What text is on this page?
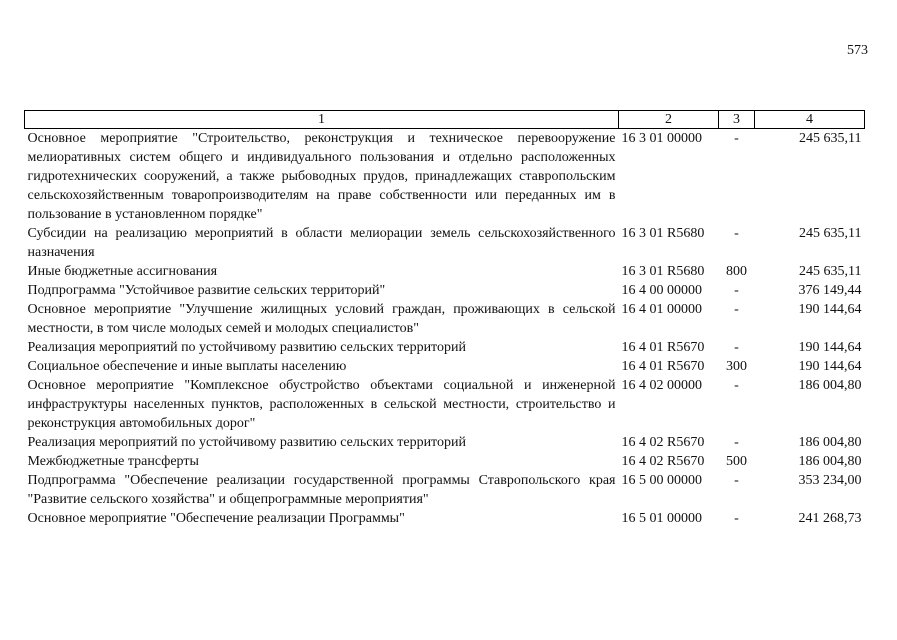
573
1	2	3	4
Основное мероприятие "Строительство, реконструкция и техническое перевооружение мелиоративных систем общего и индивидуального пользования и отдельно расположенных гидротехнических сооружений, а также рыбоводных прудов, принадлежащих ставропольским сельскохозяйственным товаропроизводителям на праве собственности или переданных им в пользование в установленном порядке"	16 3 01 00000	-	245 635,11
Субсидии на реализацию мероприятий в области мелиорации земель сельскохозяйственного назначения	16 3 01 R5680	-	245 635,11
Иные бюджетные ассигнования	16 3 01 R5680	800	245 635,11
Подпрограмма "Устойчивое развитие сельских территорий"	16 4 00 00000	-	376 149,44
Основное мероприятие "Улучшение жилищных условий граждан, проживающих в сельской местности, в том числе молодых семей и молодых специалистов"	16 4 01 00000	-	190 144,64
Реализация мероприятий по устойчивому развитию сельских территорий	16 4 01 R5670	-	190 144,64
Социальное обеспечение и иные выплаты населению	16 4 01 R5670	300	190 144,64
Основное мероприятие "Комплексное обустройство объектами социальной и инженерной инфраструктуры населенных пунктов, расположенных в сельской местности, строительство и реконструкция автомобильных дорог"	16 4 02 00000	-	186 004,80
Реализация мероприятий по устойчивому развитию сельских территорий	16 4 02 R5670	-	186 004,80
Межбюджетные трансферты	16 4 02 R5670	500	186 004,80
Подпрограмма "Обеспечение реализации государственной программы Ставропольского края "Развитие сельского хозяйства" и общепрограммные мероприятия"	16 5 00 00000	-	353 234,00
Основное мероприятие "Обеспечение реализации Программы"	16 5 01 00000	-	241 268,73
